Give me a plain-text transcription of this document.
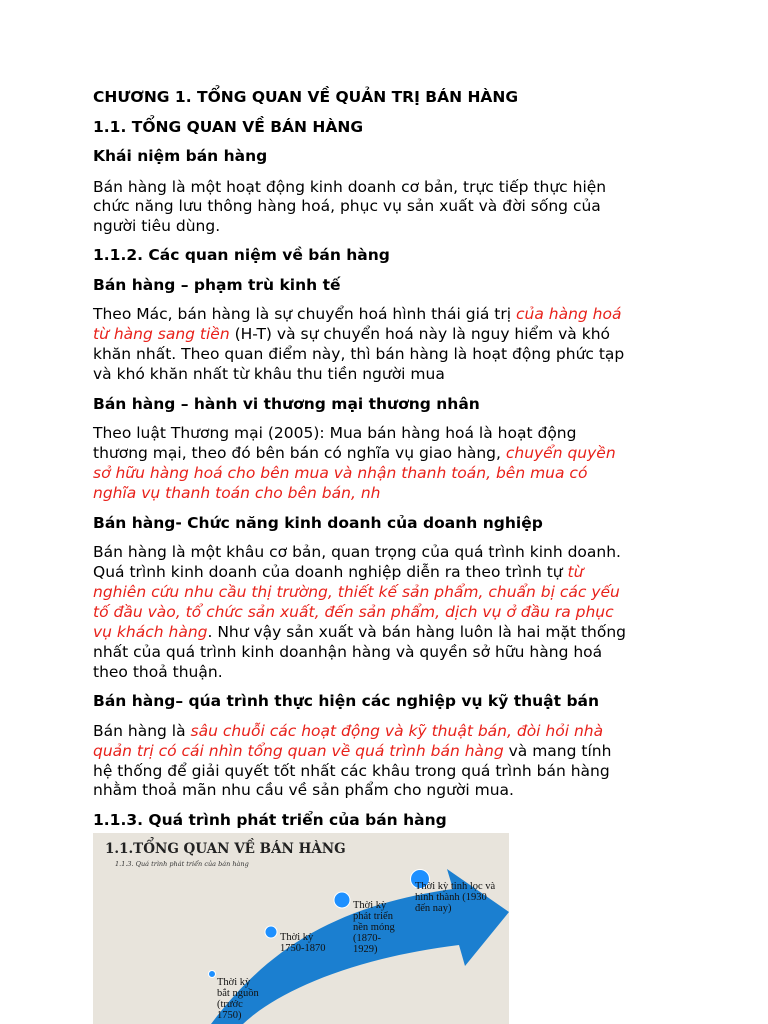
CHƯƠNG 1. TỔNG QUAN VỀ QUẢN TRỊ BÁN HÀNG
1.1. TỔNG QUAN VỀ BÁN HÀNG
Khái niệm bán hàng
Bán hàng là một hoạt động kinh doanh cơ bản, trực tiếp thực hiện
chức năng lưu thông hàng hoá, phục vụ sản xuất và đời sống của
người tiêu dùng.
1.1.2. Các quan niệm về bán hàng
Bán hàng – phạm trù kinh tế
Theo Mác, bán hàng là sự chuyển hoá hình thái giá trị của hàng hoá
từ hàng sang tiền (H-T) và sự chuyển hoá này là nguy hiểm và khó
khăn nhất. Theo quan điểm này, thì bán hàng là hoạt động phức tạp
và khó khăn nhất từ khâu thu tiền người mua
Bán hàng – hành vi thương mại thương nhân
Theo luật Thương mại (2005): Mua bán hàng hoá là hoạt động
thương mại, theo đó bên bán có nghĩa vụ giao hàng, chuyển quyền
sở hữu hàng hoá cho bên mua và nhận thanh toán, bên mua có
nghĩa vụ thanh toán cho bên bán, nh
Bán hàng- Chức năng kinh doanh của doanh nghiệp
Bán hàng là một khâu cơ bản, quan trọng của quá trình kinh doanh.
Quá trình kinh doanh của doanh nghiệp diễn ra theo trình tự từ
nghiên cứu nhu cầu thị trường, thiết kế sản phẩm, chuẩn bị các yếu
tố đầu vào, tổ chức sản xuất, đến sản phẩm, dịch vụ ở đầu ra phục
vụ khách hàng. Như vậy sản xuất và bán hàng luôn là hai mặt thống
nhất của quá trình kinh doanhận hàng và quyền sở hữu hàng hoá
theo thoả thuận.
Bán hàng– qúa trình thực hiện các nghiệp vụ kỹ thuật bán
Bán hàng là sâu chuỗi các hoạt động và kỹ thuật bán, đòi hỏi nhà
quản trị có cái nhìn tổng quan về quá trình bán hàng và mang tính
hệ thống để giải quyết tốt nhất các khâu trong quá trình bán hàng
nhằm thoả mãn nhu cầu về sản phẩm cho người mua.
1.1.3. Quá trình phát triển của bán hàng
1.1.TỔNG QUAN VỀ BÁN HÀNG
1.1.3. Quá trình phát triển của bán hàng
Thời kỳ
bắt nguồn
(trước
1750)
Thời kỳ
1750-1870
Thời kỳ
phát triển
nền móng
(1870-
1929)
Thời kỳ tinh lọc và
hình thành (1930
đến nay)
